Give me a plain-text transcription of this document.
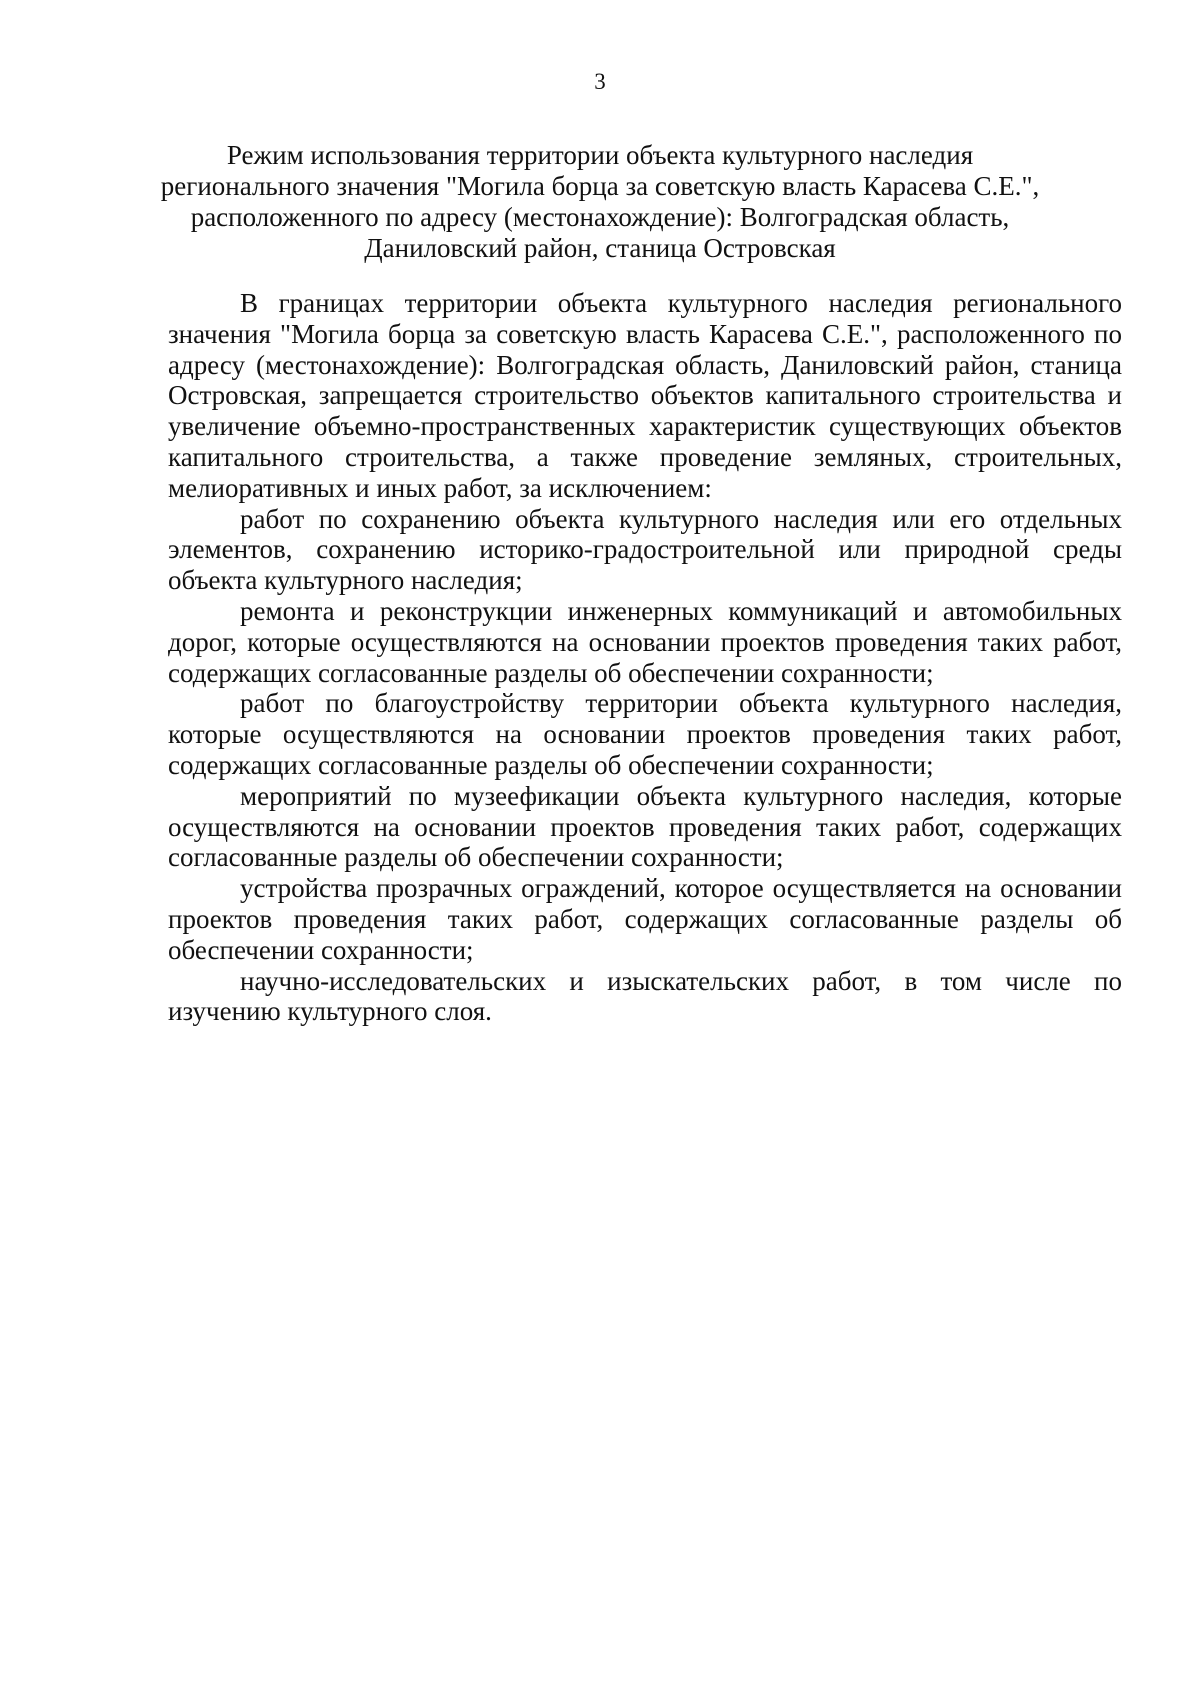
3
Режим использования территории объекта культурного наследия
регионального значения "Могила борца за советскую власть Карасева С.Е.",
расположенного по адресу (местонахождение): Волгоградская область,
Даниловский район, станица Островская

В границах территории объекта культурного наследия регионального значения "Могила борца за советскую власть Карасева С.Е.", расположенного по адресу (местонахождение): Волгоградская область, Даниловский район, станица Островская, запрещается строительство объектов капитального строительства и увеличение объемно-пространственных характеристик существующих объектов капитального строительства, а также проведение земляных, строительных, мелиоративных и иных работ, за исключением:

работ по сохранению объекта культурного наследия или его отдельных элементов, сохранению историко-градостроительной или природной среды объекта культурного наследия;

ремонта и реконструкции инженерных коммуникаций и автомобильных дорог, которые осуществляются на основании проектов проведения таких работ, содержащих согласованные разделы об обеспечении сохранности;

работ по благоустройству территории объекта культурного наследия, которые осуществляются на основании проектов проведения таких работ, содержащих согласованные разделы об обеспечении сохранности;

мероприятий по музеефикации объекта культурного наследия, которые осуществляются на основании проектов проведения таких работ, содержащих согласованные разделы об обеспечении сохранности;

устройства прозрачных ограждений, которое осуществляется на основании проектов проведения таких работ, содержащих согласованные разделы об обеспечении сохранности;

научно-исследовательских и изыскательских работ, в том числе по изучению культурного слоя.
